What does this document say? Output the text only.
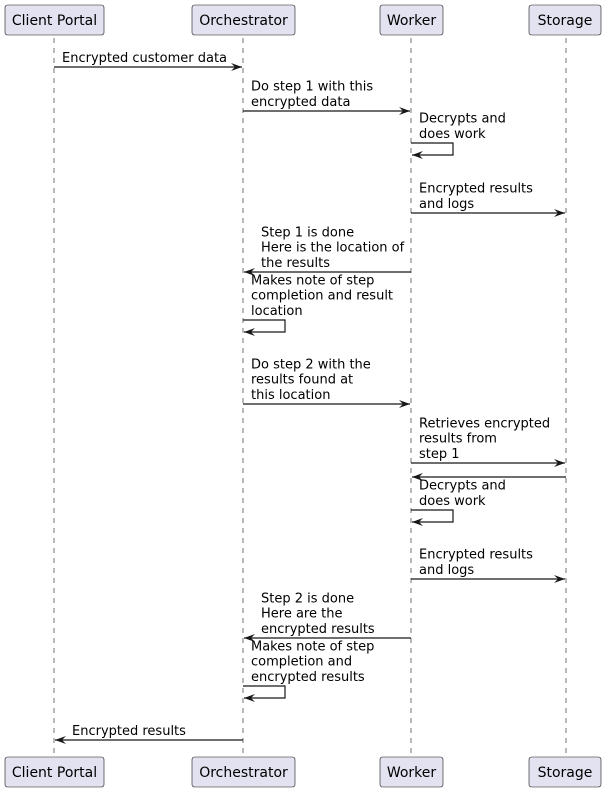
Client Portal	Orchestrator	Worker	Storage
Client Portal	Orchestrator	Worker	Storage
Encrypted customer data
Do step 1 with this
encrypted data
Decrypts and
does work
Encrypted results
and logs
Step 1 is done
Here is the location of
the results
Makes note of step
completion and result
location
Do step 2 with the
results found at
this location
Retrieves encrypted
results from
step 1
Decrypts and
does work
Encrypted results
and logs
Step 2 is done
Here are the
encrypted results
Makes note of step
completion and
encrypted results
Encrypted results
